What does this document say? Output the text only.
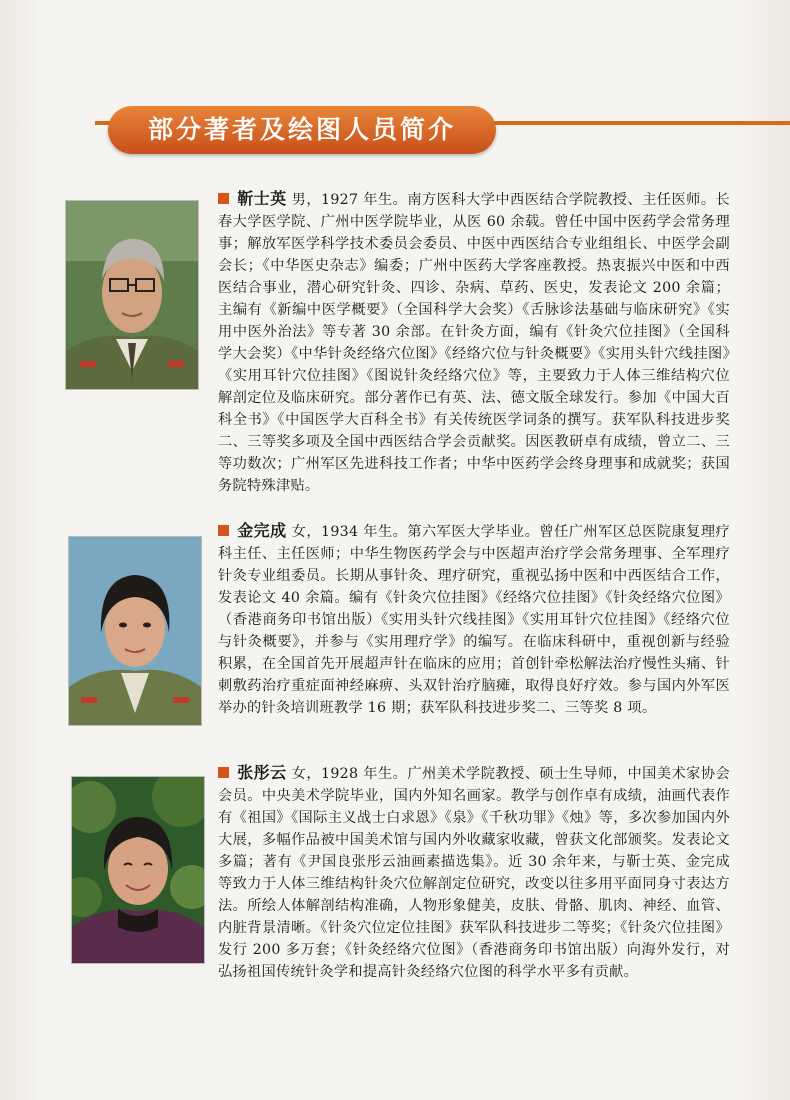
部分著者及绘图人员简介
靳士英 男，1927 年生。南方医科大学中西医结合学院教授、主任医师。长春大学医学院、广州中医学院毕业，从医 60 余载。曾任中国中医药学会常务理事；解放军医学科学技术委员会委员、中医中西医结合专业组组长、中医学会副会长；《中华医史杂志》编委；广州中医药大学客座教授。热衷振兴中医和中西医结合事业，潜心研究针灸、四诊、杂病、草药、医史，发表论文 200 余篇；主编有《新编中医学概要》（全国科学大会奖）《舌脉诊法基础与临床研究》《实用中医外治法》等专著 30 余部。在针灸方面，编有《针灸穴位挂图》（全国科学大会奖）《中华针灸经络穴位图》《经络穴位与针灸概要》《实用头针穴线挂图》《实用耳针穴位挂图》《图说针灸经络穴位》等，主要致力于人体三维结构穴位解剖定位及临床研究。部分著作已有英、法、德文版全球发行。参加《中国大百科全书》《中国医学大百科全书》有关传统医学词条的撰写。获军队科技进步奖二、三等奖多项及全国中西医结合学会贡献奖。因医教研卓有成绩，曾立二、三等功数次；广州军区先进科技工作者；中华中医药学会终身理事和成就奖；获国务院特殊津贴。
金完成 女，1934 年生。第六军医大学毕业。曾任广州军区总医院康复理疗科主任、主任医师；中华生物医药学会与中医超声治疗学会常务理事、全军理疗针灸专业组委员。长期从事针灸、理疗研究，重视弘扬中医和中西医结合工作，发表论文 40 余篇。编有《针灸穴位挂图》《经络穴位挂图》《针灸经络穴位图》（香港商务印书馆出版）《实用头针穴线挂图》《实用耳针穴位挂图》《经络穴位与针灸概要》，并参与《实用理疗学》的编写。在临床科研中，重视创新与经验积累，在全国首先开展超声针在临床的应用；首创针牵松解法治疗慢性头痛、针刺敷药治疗重症面神经麻痹、头双针治疗脑瘫，取得良好疗效。参与国内外军医举办的针灸培训班教学 16 期；获军队科技进步奖二、三等奖 8 项。
张彤云 女，1928 年生。广州美术学院教授、硕士生导师，中国美术家协会会员。中央美术学院毕业，国内外知名画家。教学与创作卓有成绩，油画代表作有《祖国》《国际主义战士白求恩》《泉》《千秋功罪》《烛》等，多次参加国内外大展，多幅作品被中国美术馆与国内外收藏家收藏，曾获文化部颁奖。发表论文多篇；著有《尹国良张彤云油画素描选集》。近 30 余年来，与靳士英、金完成等致力于人体三维结构针灸穴位解剖定位研究，改变以往多用平面同身寸表达方法。所绘人体解剖结构准确，人物形象健美，皮肤、骨骼、肌肉、神经、血管、内脏背景清晰。《针灸穴位定位挂图》获军队科技进步二等奖；《针灸穴位挂图》发行 200 多万套；《针灸经络穴位图》（香港商务印书馆出版）向海外发行，对弘扬祖国传统针灸学和提高针灸经络穴位图的科学水平多有贡献。
